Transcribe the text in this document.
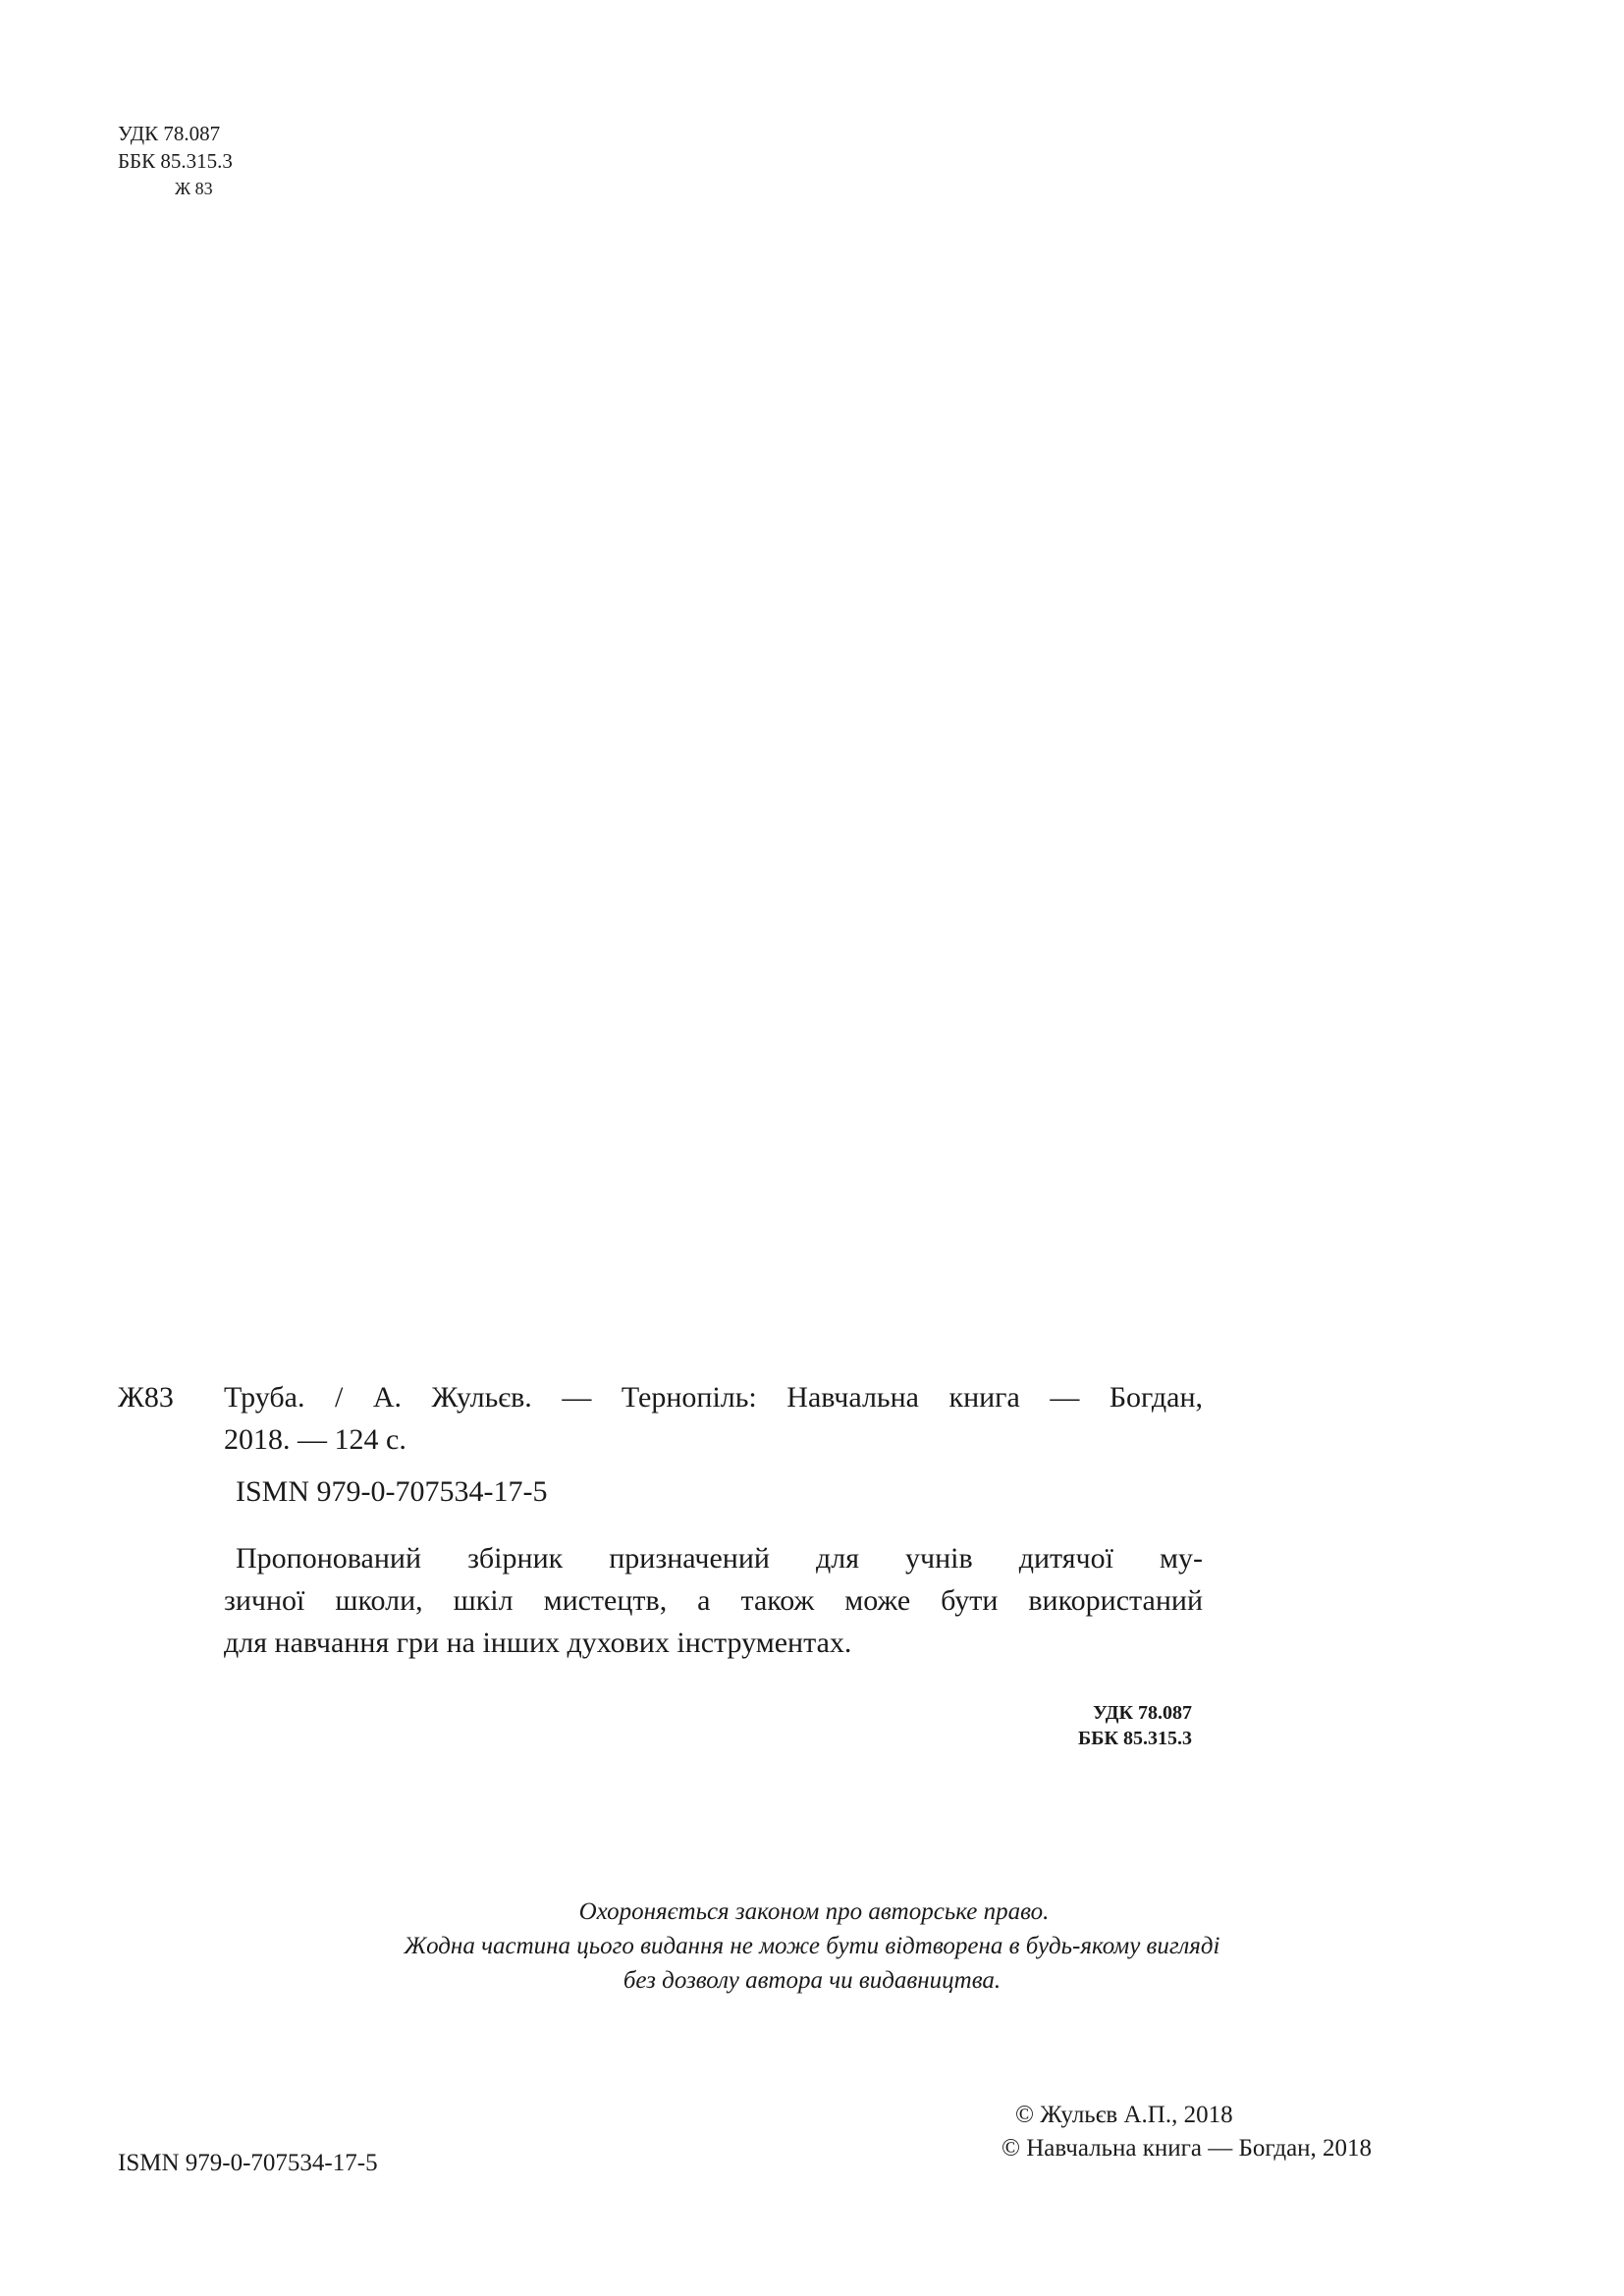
УДК 78.087
ББК 85.315.3
Ж 83
Ж83	Труба. / А. Жульєв. — Тернопіль: Навчальна книга — Богдан,
2018. — 124 с.
ISMN 979-0-707534-17-5

Пропонований збірник призначений для учнів дитячої му-

зичної школи, шкіл мистецтв, а також може бути використаний

для навчання гри на інших духових інструментах.

УДК 78.087
ББК 85.315.3
Охороняється законом про авторське право.
Жодна частина цього видання не може бути відтворена в будь-якому вигляді
без дозволу автора чи видавництва.
ISMN 979-0-707534-17-5
© Жульєв А.П., 2018
© Навчальна книга — Богдан, 2018
